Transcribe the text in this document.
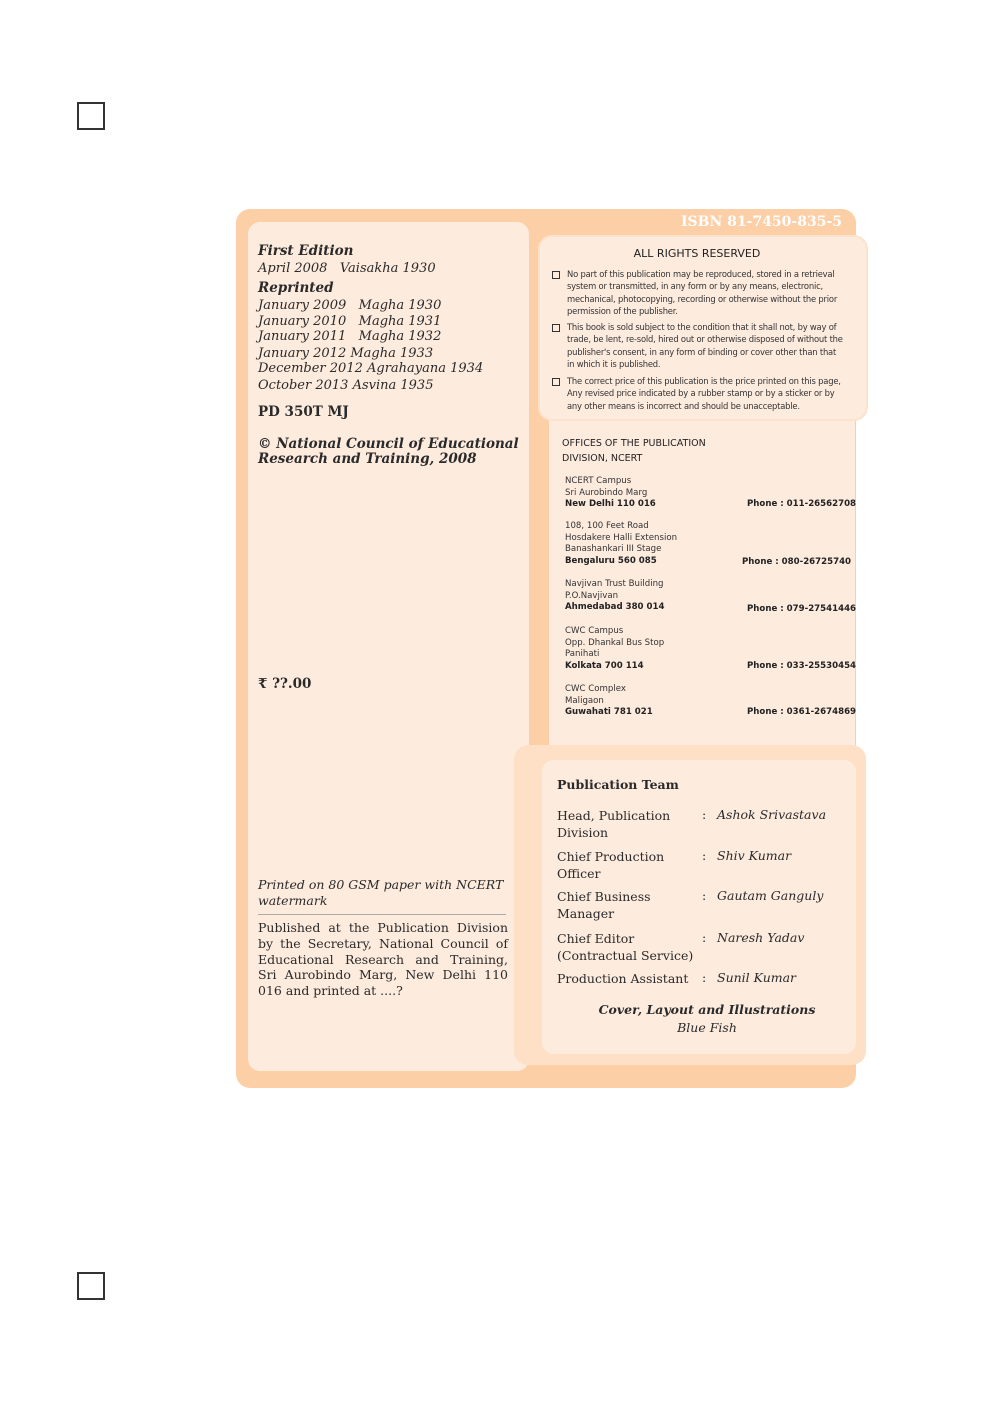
ISBN 81-7450-835-5
First Edition
April 2008   Vaisakha 1930
Reprinted
January 2009   Magha 1930
January 2010   Magha 1931
January 2011   Magha 1932
January 2012 Magha 1933
December 2012 Agrahayana 1934
October 2013 Asvina 1935
PD 350T MJ
© National Council of Educational
Research and Training, 2008
₹ ??.00
Printed on 80 GSM paper with NCERT watermark
Published at the Publication Division by the Secretary, National Council of Educational Research and Training, Sri Aurobindo Marg, New Delhi 110 016 and printed at ....?
ALL RIGHTS RESERVED
No part of this publication may be reproduced, stored in a retrieval system or transmitted, in any form or by any means, electronic, mechanical, photocopying, recording or otherwise without the prior permission of the publisher.
This book is sold subject to the condition that it shall not, by way of trade, be lent, re-sold, hired out or otherwise disposed of without the publisher's consent, in any form of binding or cover other than that in which it is published.
The correct price of this publication is the price printed on this page, Any revised price indicated by a rubber stamp or by a sticker or by any other means is incorrect and should be unacceptable.
OFFICES OF THE PUBLICATION
DIVISION, NCERT
NCERT Campus
Sri Aurobindo Marg
New Delhi 110 016	Phone : 011-26562708
108, 100 Feet Road
Hosdakere Halli Extension
Banashankari III Stage
Bengaluru 560 085	Phone : 080-26725740
Navjivan Trust Building
P.O.Navjivan
Ahmedabad 380 014	Phone : 079-27541446
CWC Campus
Opp. Dhankal Bus Stop
Panihati
Kolkata 700 114	Phone : 033-25530454
CWC Complex
Maligaon
Guwahati 781 021	Phone : 0361-2674869
Publication Team
Head, Publication Division
: Ashok Srivastava
Chief Production Officer
: Shiv Kumar
Chief Business Manager
: Gautam Ganguly
Chief Editor (Contractual Service)
: Naresh Yadav
Production Assistant	: Sunil Kumar
Cover, Layout and Illustrations
Blue Fish
